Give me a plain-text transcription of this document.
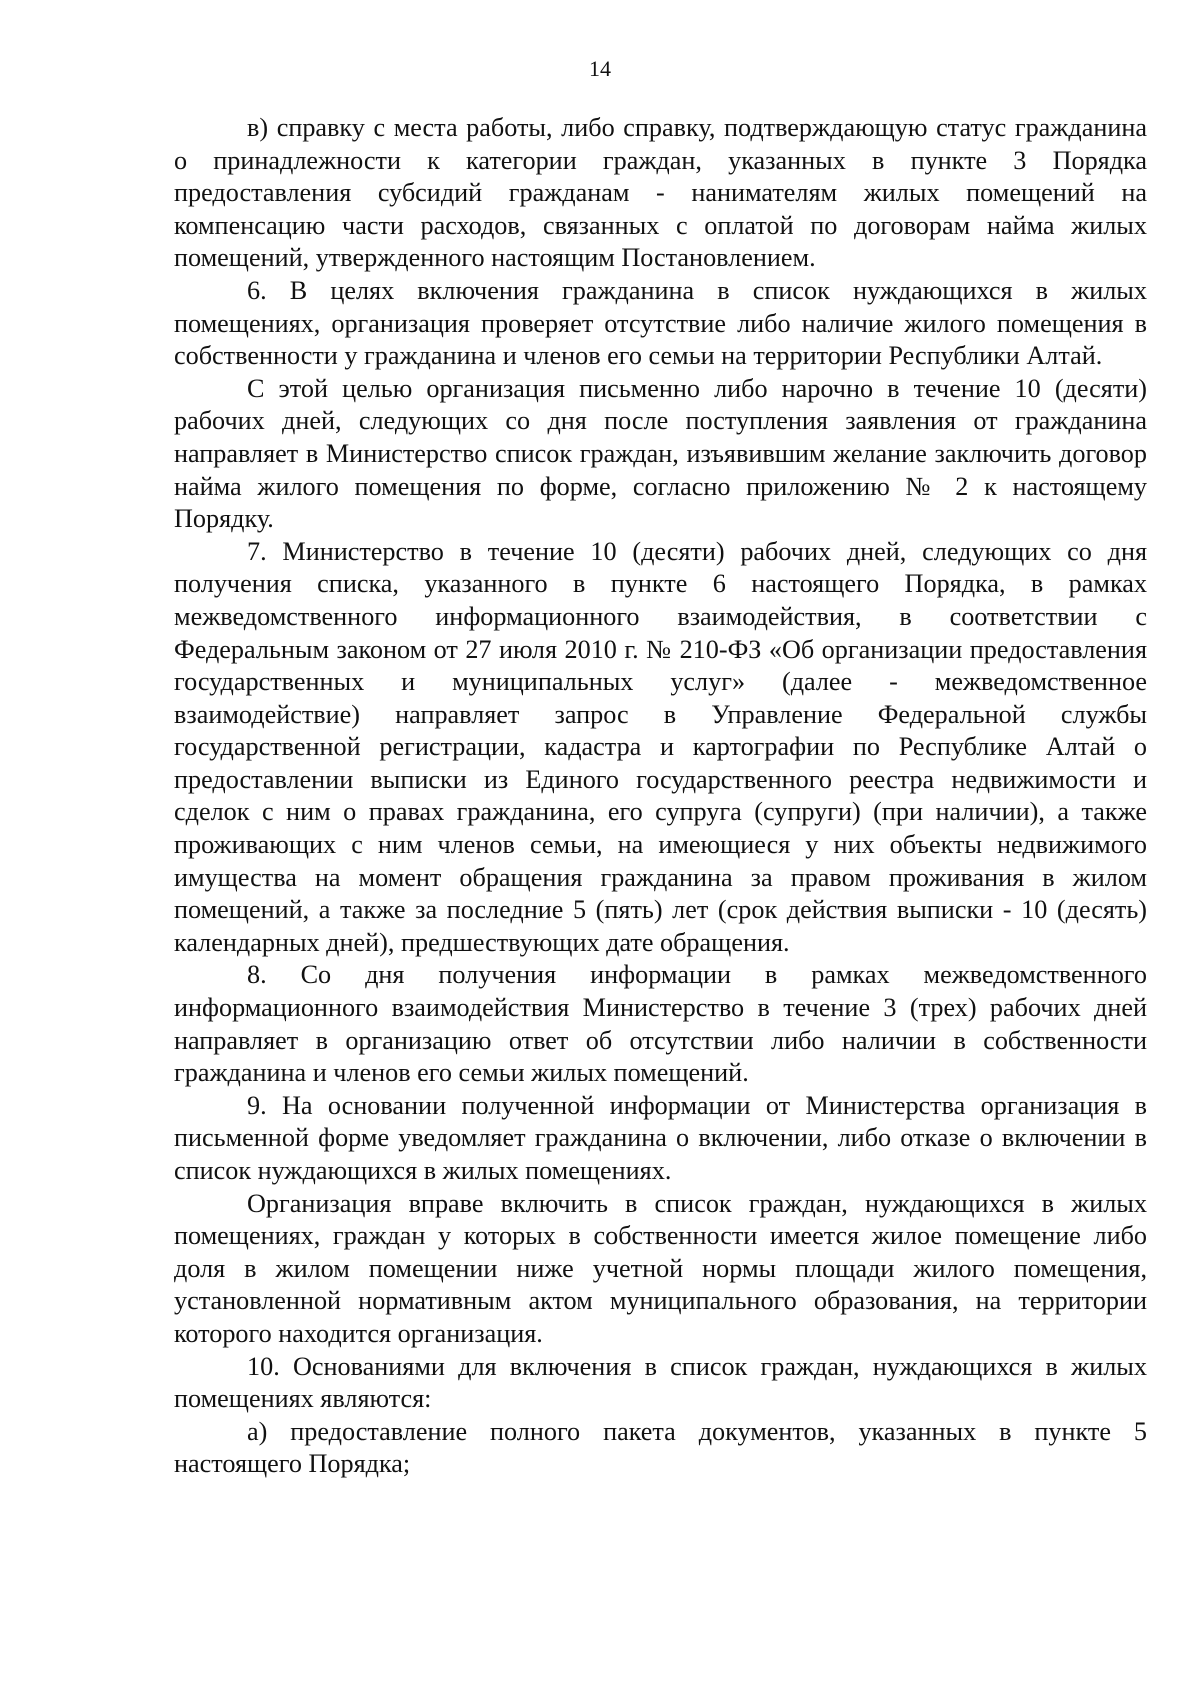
14

в) справку с места работы, либо справку, подтверждающую статус гражданина о принадлежности к категории граждан, указанных в пункте 3 Порядка предоставления субсидий гражданам - нанимателям жилых помещений на компенсацию части расходов, связанных с оплатой по договорам найма жилых помещений, утвержденного настоящим Постановлением.

6. В целях включения гражданина в список нуждающихся в жилых помещениях, организация проверяет отсутствие либо наличие жилого помещения в собственности у гражданина и членов его семьи на территории Республики Алтай.

С этой целью организация письменно либо нарочно в течение 10 (десяти) рабочих дней, следующих со дня после поступления заявления от гражданина направляет в Министерство список граждан, изъявившим желание заключить договор найма жилого помещения по форме, согласно приложению № 2 к настоящему Порядку.

7. Министерство в течение 10 (десяти) рабочих дней, следующих со дня получения списка, указанного в пункте 6 настоящего Порядка, в рамках межведомственного информационного взаимодействия, в соответствии с Федеральным законом от 27 июля 2010 г. № 210-ФЗ «Об организации предоставления государственных и муниципальных услуг» (далее - межведомственное взаимодействие) направляет запрос в Управление Федеральной службы государственной регистрации, кадастра и картографии по Республике Алтай о предоставлении выписки из Единого государственного реестра недвижимости и сделок с ним о правах гражданина, его супруга (супруги) (при наличии), а также проживающих с ним членов семьи, на имеющиеся у них объекты недвижимого имущества на момент обращения гражданина за правом проживания в жилом помещений, а также за последние 5 (пять) лет (срок действия выписки - 10 (десять) календарных дней), предшествующих дате обращения.

8. Со дня получения информации в рамках межведомственного информационного взаимодействия Министерство в течение 3 (трех) рабочих дней направляет в организацию ответ об отсутствии либо наличии в собственности гражданина и членов его семьи жилых помещений.

9. На основании полученной информации от Министерства организация в письменной форме уведомляет гражданина о включении, либо отказе о включении в список нуждающихся в жилых помещениях.

Организация вправе включить в список граждан, нуждающихся в жилых помещениях, граждан у которых в собственности имеется жилое помещение либо доля в жилом помещении ниже учетной нормы площади жилого помещения, установленной нормативным актом муниципального образования, на территории которого находится организация.

10. Основаниями для включения в список граждан, нуждающихся в жилых помещениях являются:

а) предоставление полного пакета документов, указанных в пункте 5 настоящего Порядка;
